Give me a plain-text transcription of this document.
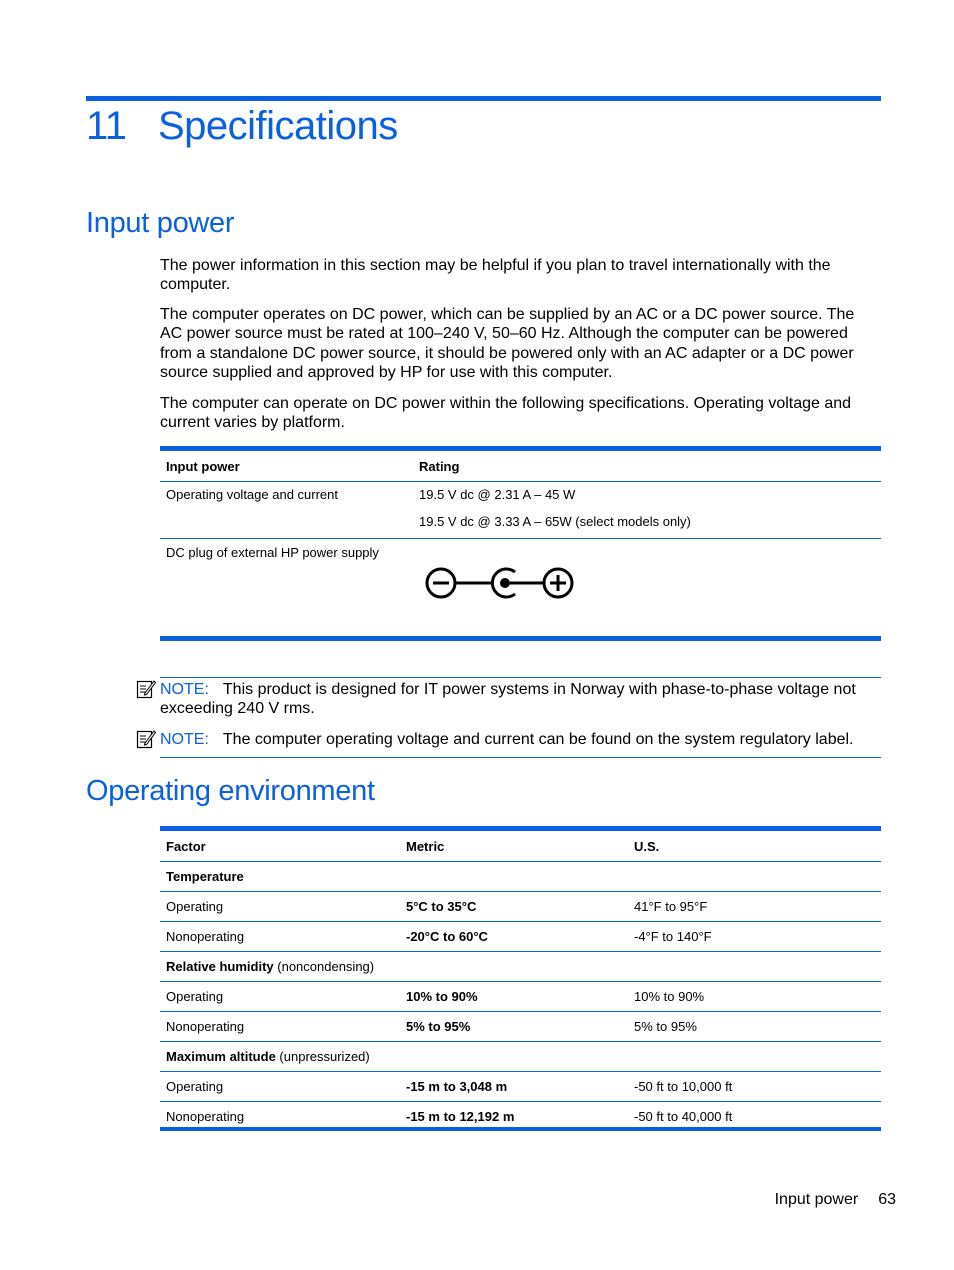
11 Specifications
Input power

The power information in this section may be helpful if you plan to travel internationally with the computer.

The computer operates on DC power, which can be supplied by an AC or a DC power source. The AC power source must be rated at 100–240 V, 50–60 Hz. Although the computer can be powered from a standalone DC power source, it should be powered only with an AC adapter or a DC power source supplied and approved by HP for use with this computer.

The computer can operate on DC power within the following specifications. Operating voltage and current varies by platform.

Input power	Rating
Operating voltage and current	19.5 V dc @ 2.31 A – 45 W
19.5 V dc @ 3.33 A – 65W (select models only)

DC plug of external HP power supply	

NOTE: This product is designed for IT power systems in Norway with phase-to-phase voltage not exceeding 240 V rms.

NOTE: The computer operating voltage and current can be found on the system regulatory label.

Operating environment
Factor	Metric	U.S.
Temperature		
Operating	5°C to 35°C	41°F to 95°F
Nonoperating	-20°C to 60°C	-4°F to 140°F
Relative humidity (noncondensing)		
Operating	10% to 90%	10% to 90%
Nonoperating	5% to 95%	5% to 95%
Maximum altitude (unpressurized)		
Operating	-15 m to 3,048 m	-50 ft to 10,000 ft
Nonoperating	-15 m to 12,192 m	-50 ft to 40,000 ft
Input power 63
